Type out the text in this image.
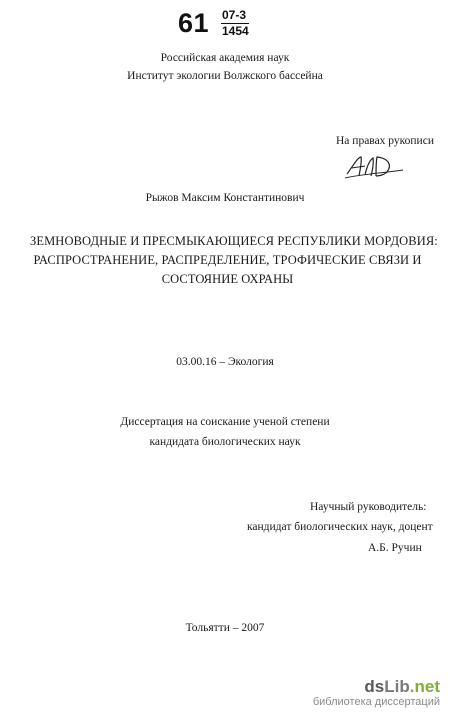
61 07-3
1454
Российская академия наук
Институт экологии Волжского бассейна
На правах рукописи
Рыжов Максим Константинович
ЗЕМНОВОДНЫЕ И ПРЕСМЫКАЮЩИЕСЯ РЕСПУБЛИКИ МОРДОВИЯ:
РАСПРОСТРАНЕНИЕ, РАСПРЕДЕЛЕНИЕ, ТРОФИЧЕСКИЕ СВЯЗИ И
СОСТОЯНИЕ ОХРАНЫ
03.00.16 – Экология
Диссертация на соискание ученой степени
кандидата биологических наук
Научный руководитель:
кандидат биологических наук, доцент
А.Б. Ручин
Тольятти – 2007
dsLib.net
библиотека диссертаций
